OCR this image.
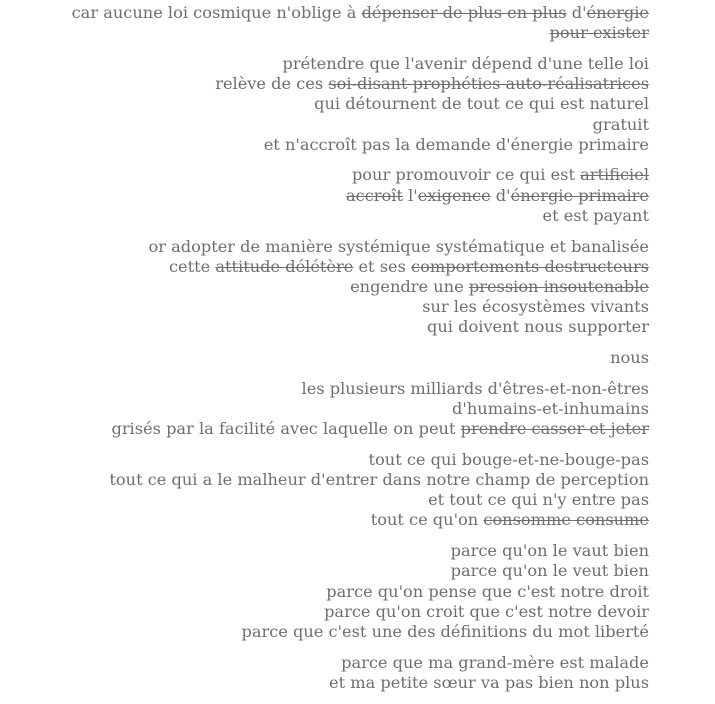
car aucune loi cosmique n'oblige à dépenser de plus en plus d'énergie
pour exister
prétendre que l'avenir dépend d'une telle loi
relève de ces soi-disant prophéties auto-réalisatrices
qui détournent de tout ce qui est naturel
gratuit
et n'accroît pas la demande d'énergie primaire
pour promouvoir ce qui est artificiel
accroît l'exigence d'énergie primaire
et est payant
or adopter de manière systémique systématique et banalisée
cette attitude délétère et ses comportements destructeurs
engendre une pression insoutenable
sur les écosystèmes vivants
qui doivent nous supporter
nous
les plusieurs milliards d'êtres-et-non-êtres
d'humains-et-inhumains
grisés par la facilité avec laquelle on peut prendre casser et jeter
tout ce qui bouge-et-ne-bouge-pas
tout ce qui a le malheur d'entrer dans notre champ de perception
et tout ce qui n'y entre pas
tout ce qu'on consomme consume
parce qu'on le vaut bien
parce qu'on le veut bien
parce qu'on pense que c'est notre droit
parce qu'on croit que c'est notre devoir
parce que c'est une des définitions du mot liberté
parce que ma grand-mère est malade
et ma petite sœur va pas bien non plus
